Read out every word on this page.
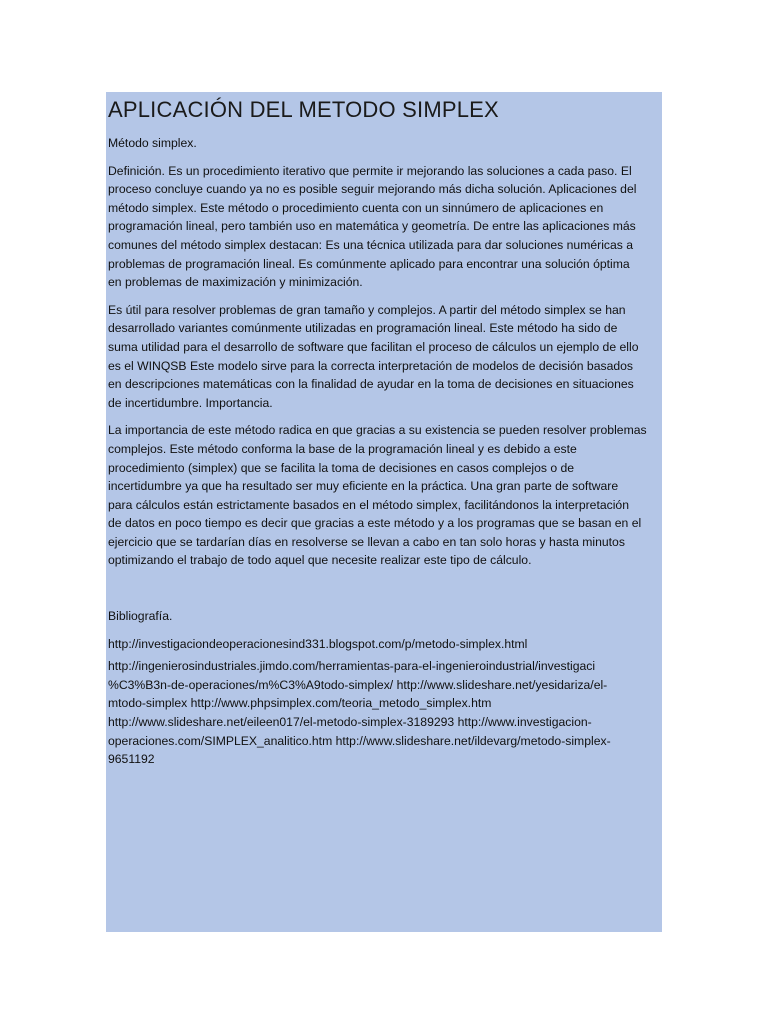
APLICACIÓN DEL METODO SIMPLEX
Método simplex.
Definición. Es un procedimiento iterativo que permite ir mejorando las soluciones a cada paso. El
proceso concluye cuando ya no es posible seguir mejorando más dicha solución. Aplicaciones del
método simplex. Este método o procedimiento cuenta con un sinnúmero de aplicaciones en
programación lineal, pero también uso en matemática y geometría. De entre las aplicaciones más
comunes del método simplex destacan: Es una técnica utilizada para dar soluciones numéricas a
problemas de programación lineal. Es comúnmente aplicado para encontrar una solución óptima
en problemas de maximización y minimización.
Es útil para resolver problemas de gran tamaño y complejos. A partir del método simplex se han
desarrollado variantes comúnmente utilizadas en programación lineal. Este método ha sido de
suma utilidad para el desarrollo de software que facilitan el proceso de cálculos un ejemplo de ello
es el WINQSB Este modelo sirve para la correcta interpretación de modelos de decisión basados
en descripciones matemáticas con la finalidad de ayudar en la toma de decisiones en situaciones
de incertidumbre. Importancia.
La importancia de este método radica en que gracias a su existencia se pueden resolver problemas
complejos. Este método conforma la base de la programación lineal y es debido a este
procedimiento (simplex) que se facilita la toma de decisiones en casos complejos o de
incertidumbre ya que ha resultado ser muy eficiente en la práctica. Una gran parte de software
para cálculos están estrictamente basados en el método simplex, facilitándonos la interpretación
de datos en poco tiempo es decir que gracias a este método y a los programas que se basan en el
ejercicio que se tardarían días en resolverse se llevan a cabo en tan solo horas y hasta minutos
optimizando el trabajo de todo aquel que necesite realizar este tipo de cálculo.
Bibliografía.
http://investigaciondeoperacionesind331.blogspot.com/p/metodo-simplex.html
http://ingenierosindustriales.jimdo.com/herramientas-para-el-ingenieroindustrial/investigaci
%C3%B3n-de-operaciones/m%C3%A9todo-simplex/ http://www.slideshare.net/yesidariza/el-
mtodo-simplex http://www.phpsimplex.com/teoria_metodo_simplex.htm
http://www.slideshare.net/eileen017/el-metodo-simplex-3189293 http://www.investigacion-
operaciones.com/SIMPLEX_analitico.htm http://www.slideshare.net/ildevarg/metodo-simplex-
9651192
